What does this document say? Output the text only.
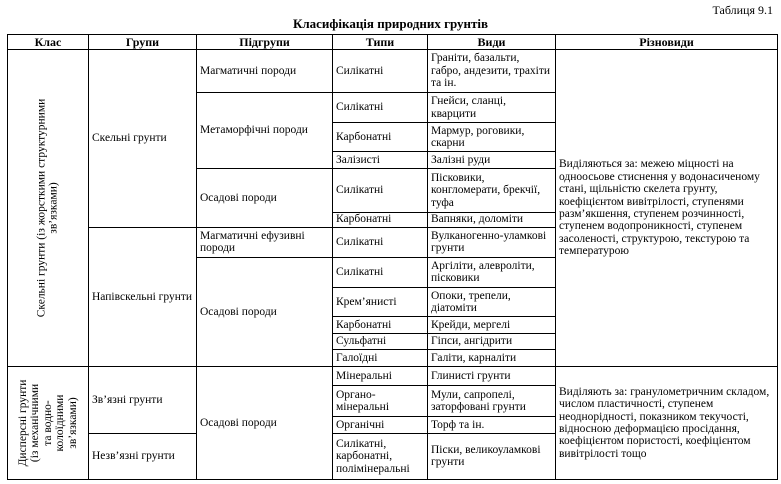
Таблиця 9.1
Класифікація природних грунтів
Клас	Групи	Підгрупи	Типи	Види	Різновиди

Скельні грунти (із жорсткими структурними зв’язками)	Скельні грунти	Магматичні породи	Силікатні	Граніти, базальти, габро, андезити, трахіти та ін.	Виділяються за: межею міцності на одноосьове стиснення у водонасиченому стані, щільністю скелета грунту, коефіцієнтом вивітрілості, ступенями разм’якшення, ступенем розчинності, ступенем водопроникності, ступенем засоленості, структурою, текстурою та температурою
		Метаморфічні породи	Силікатні	Гнейси, сланці, кварцити	
			Карбонатні	Мармур, роговики, скарни	
			Залізисті	Залізні руди	
		Осадові породи	Силікатні	Пісковики, конгломерати, брекчії, туфа	
			Карбонатні	Вапняки, доломіти	
	Напівскельні грунти	Магматичні ефузивні породи	Силікатні	Вулканогенно-уламкові грунти	
		Осадові породи	Силікатні	Аргіліти, алевроліти, пісковики	
			Крем’янисті	Опоки, трепели, діатоміти	
			Карбонатні	Крейди, мергелі	
			Сульфатні	Гіпси, ангідрити	
			Галоїдні	Галіти, карналіти	

Дисперсні грунти (із механічними та водно- колоїдними зв’язками)	Зв’язні грунти	Осадові породи	Мінеральні	Глинисті грунти	Виділяють за: гранулометричним складом, числом пластичності, ступенем неоднорідності, показником текучості, відносною деформацією просідання, коефіцієнтом пористості, коефіцієнтом вивітрілості тощо
			Органо-мінеральні	Мули, сапропелі, заторфовані грунти	
			Органічні	Торф та ін.	
	Незв’язні грунти		Силікатні, карбонатні, полімінеральні	Піски, великоуламкові грунти	
